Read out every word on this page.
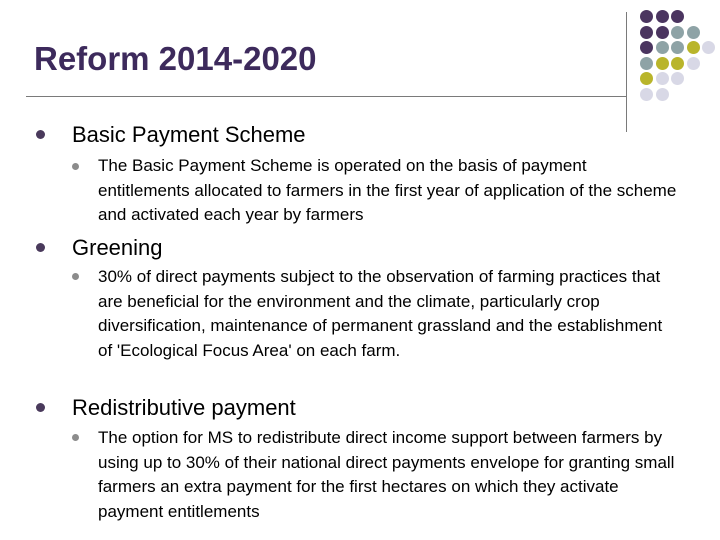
Reform 2014-2020
Basic Payment Scheme
The Basic Payment Scheme is operated on the basis of payment entitlements allocated to farmers in the first year of application of the scheme and activated each year by farmers
Greening
30% of direct payments subject to the observation of farming practices that are beneficial for the environment and the climate, particularly crop diversification, maintenance of permanent grassland and the establishment of 'Ecological Focus Area' on each farm.
Redistributive payment
The option for MS to redistribute direct income support between farmers by using up to 30% of their national direct payments envelope for granting small farmers an extra payment for the first hectares on which they activate payment entitlements
